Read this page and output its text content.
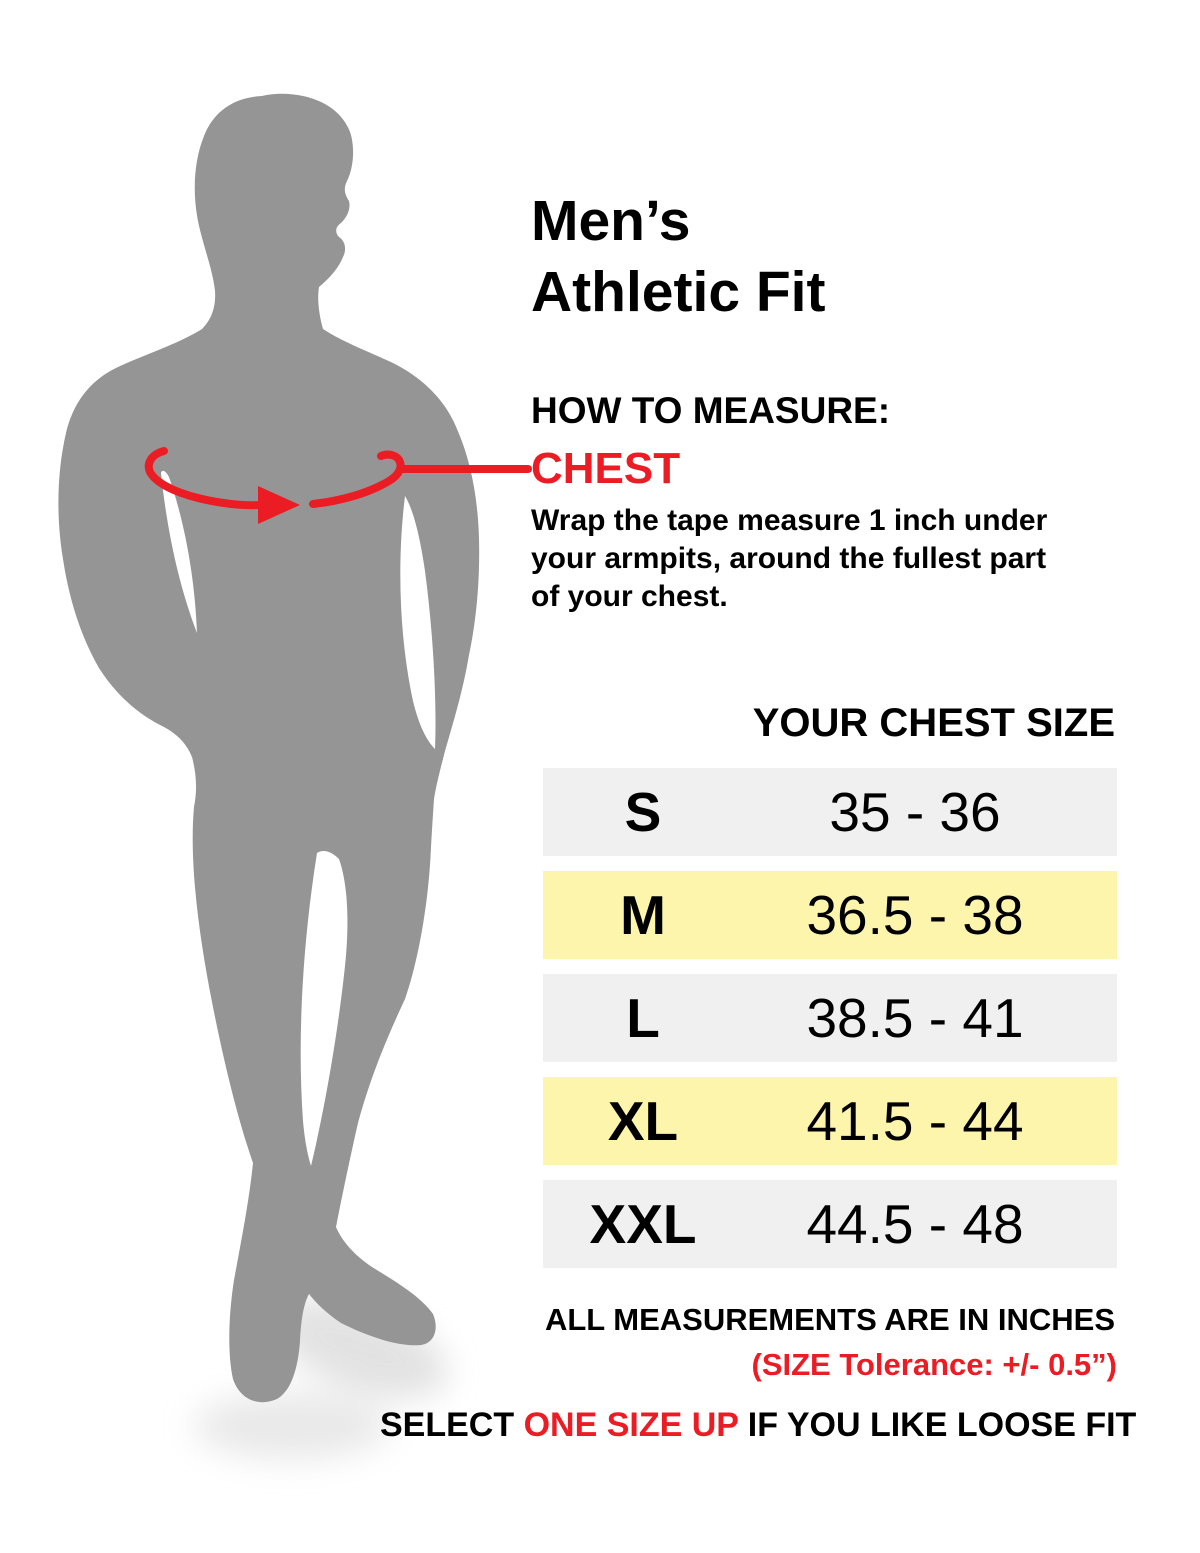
Men’s
Athletic Fit
HOW TO MEASURE:
CHEST
Wrap the tape measure 1 inch under
your armpits, around the fullest part
of your chest.
YOUR CHEST SIZE
S	35 - 36
M	36.5 - 38
L	38.5 - 41
XL	41.5 - 44
XXL	44.5 - 48
ALL MEASUREMENTS ARE IN INCHES
(SIZE Tolerance: +/- 0.5”)
SELECT ONE SIZE UP IF YOU LIKE LOOSE FIT
